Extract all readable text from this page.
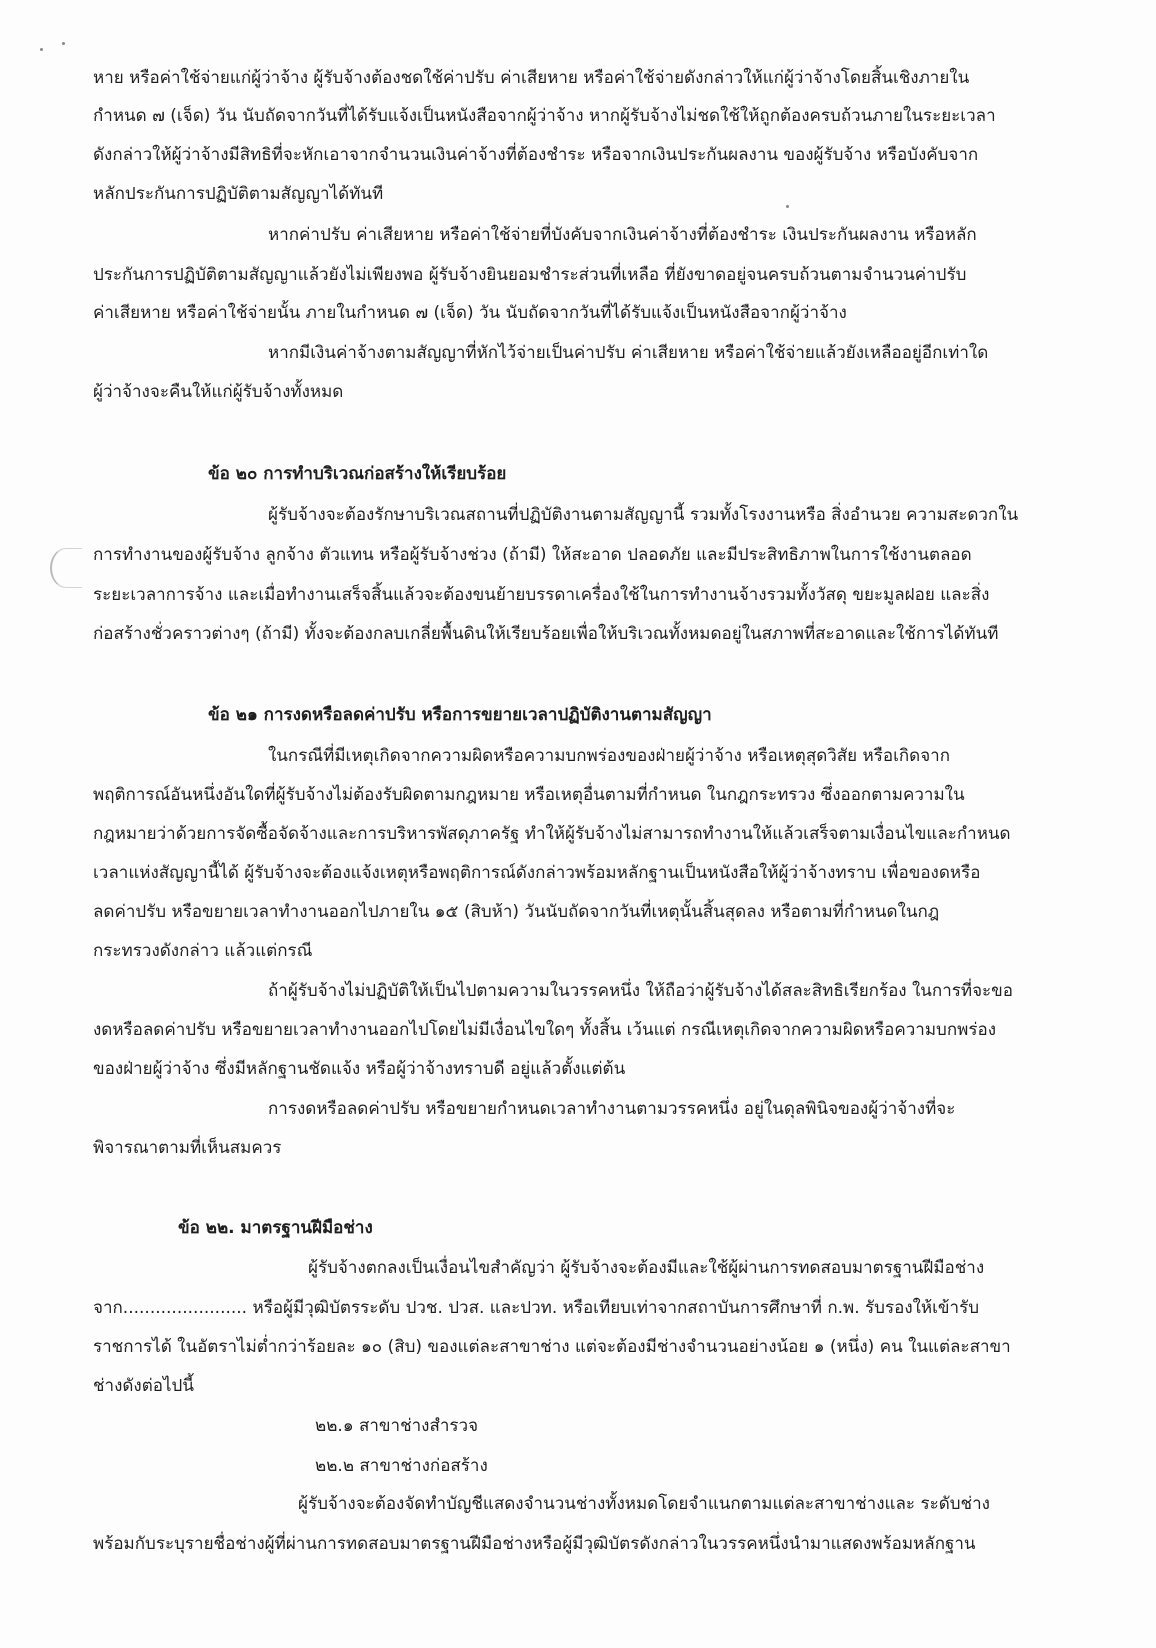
หาย หรือค่าใช้จ่ายแก่ผู้ว่าจ้าง ผู้รับจ้างต้องชดใช้ค่าปรับ ค่าเสียหาย หรือค่าใช้จ่ายดังกล่าวให้แก่ผู้ว่าจ้างโดยสิ้นเชิงภายใน
กำหนด ๗ (เจ็ด) วัน นับถัดจากวันที่ได้รับแจ้งเป็นหนังสือจากผู้ว่าจ้าง หากผู้รับจ้างไม่ชดใช้ให้ถูกต้องครบถ้วนภายในระยะเวลา
ดังกล่าวให้ผู้ว่าจ้างมีสิทธิที่จะหักเอาจากจำนวนเงินค่าจ้างที่ต้องชำระ หรือจากเงินประกันผลงาน ของผู้รับจ้าง หรือบังคับจาก
หลักประกันการปฏิบัติตามสัญญาได้ทันที
หากค่าปรับ ค่าเสียหาย หรือค่าใช้จ่ายที่บังคับจากเงินค่าจ้างที่ต้องชำระ เงินประกันผลงาน หรือหลัก
ประกันการปฏิบัติตามสัญญาแล้วยังไม่เพียงพอ ผู้รับจ้างยินยอมชำระส่วนที่เหลือ ที่ยังขาดอยู่จนครบถ้วนตามจำนวนค่าปรับ
ค่าเสียหาย หรือค่าใช้จ่ายนั้น ภายในกำหนด ๗ (เจ็ด) วัน นับถัดจากวันที่ได้รับแจ้งเป็นหนังสือจากผู้ว่าจ้าง
หากมีเงินค่าจ้างตามสัญญาที่หักไว้จ่ายเป็นค่าปรับ ค่าเสียหาย หรือค่าใช้จ่ายแล้วยังเหลืออยู่อีกเท่าใด
ผู้ว่าจ้างจะคืนให้แก่ผู้รับจ้างทั้งหมด
ข้อ ๒๐ การทำบริเวณก่อสร้างให้เรียบร้อย
ผู้รับจ้างจะต้องรักษาบริเวณสถานที่ปฏิบัติงานตามสัญญานี้ รวมทั้งโรงงานหรือ สิ่งอำนวย ความสะดวกใน
การทำงานของผู้รับจ้าง ลูกจ้าง ตัวแทน หรือผู้รับจ้างช่วง (ถ้ามี) ให้สะอาด ปลอดภัย และมีประสิทธิภาพในการใช้งานตลอด
ระยะเวลาการจ้าง และเมื่อทำงานเสร็จสิ้นแล้วจะต้องขนย้ายบรรดาเครื่องใช้ในการทำงานจ้างรวมทั้งวัสดุ ขยะมูลฝอย และสิ่ง
ก่อสร้างชั่วคราวต่างๆ (ถ้ามี) ทั้งจะต้องกลบเกลี่ยพื้นดินให้เรียบร้อยเพื่อให้บริเวณทั้งหมดอยู่ในสภาพที่สะอาดและใช้การได้ทันที
ข้อ ๒๑ การงดหรือลดค่าปรับ หรือการขยายเวลาปฏิบัติงานตามสัญญา
ในกรณีที่มีเหตุเกิดจากความผิดหรือความบกพร่องของฝ่ายผู้ว่าจ้าง หรือเหตุสุดวิสัย หรือเกิดจาก
พฤติการณ์อันหนึ่งอันใดที่ผู้รับจ้างไม่ต้องรับผิดตามกฎหมาย หรือเหตุอื่นตามที่กำหนด ในกฎกระทรวง ซึ่งออกตามความใน
กฎหมายว่าด้วยการจัดซื้อจัดจ้างและการบริหารพัสดุภาครัฐ ทำให้ผู้รับจ้างไม่สามารถทำงานให้แล้วเสร็จตามเงื่อนไขและกำหนด
เวลาแห่งสัญญานี้ได้ ผู้รับจ้างจะต้องแจ้งเหตุหรือพฤติการณ์ดังกล่าวพร้อมหลักฐานเป็นหนังสือให้ผู้ว่าจ้างทราบ เพื่อของดหรือ
ลดค่าปรับ หรือขยายเวลาทำงานออกไปภายใน ๑๕ (สิบห้า) วันนับถัดจากวันที่เหตุนั้นสิ้นสุดลง หรือตามที่กำหนดในกฎ
กระทรวงดังกล่าว แล้วแต่กรณี
ถ้าผู้รับจ้างไม่ปฏิบัติให้เป็นไปตามความในวรรคหนึ่ง ให้ถือว่าผู้รับจ้างได้สละสิทธิเรียกร้อง ในการที่จะขอ
งดหรือลดค่าปรับ หรือขยายเวลาทำงานออกไปโดยไม่มีเงื่อนไขใดๆ ทั้งสิ้น เว้นแต่ กรณีเหตุเกิดจากความผิดหรือความบกพร่อง
ของฝ่ายผู้ว่าจ้าง ซึ่งมีหลักฐานชัดแจ้ง หรือผู้ว่าจ้างทราบดี อยู่แล้วตั้งแต่ต้น
การงดหรือลดค่าปรับ หรือขยายกำหนดเวลาทำงานตามวรรคหนึ่ง อยู่ในดุลพินิจของผู้ว่าจ้างที่จะ
พิจารณาตามที่เห็นสมควร
ข้อ ๒๒. มาตรฐานฝีมือช่าง
ผู้รับจ้างตกลงเป็นเงื่อนไขสำคัญว่า ผู้รับจ้างจะต้องมีและใช้ผู้ผ่านการทดสอบมาตรฐานฝีมือช่าง
จาก....................... หรือผู้มีวุฒิบัตรระดับ ปวช. ปวส. และปวท. หรือเทียบเท่าจากสถาบันการศึกษาที่ ก.พ. รับรองให้เข้ารับ
ราชการได้ ในอัตราไม่ต่ำกว่าร้อยละ ๑๐ (สิบ) ของแต่ละสาขาช่าง แต่จะต้องมีช่างจำนวนอย่างน้อย ๑ (หนึ่ง) คน ในแต่ละสาขา
ช่างดังต่อไปนี้
๒๒.๑ สาขาช่างสำรวจ
๒๒.๒ สาขาช่างก่อสร้าง
ผู้รับจ้างจะต้องจัดทำบัญชีแสดงจำนวนช่างทั้งหมดโดยจำแนกตามแต่ละสาขาช่างและ ระดับช่าง
พร้อมกับระบุรายชื่อช่างผู้ที่ผ่านการทดสอบมาตรฐานฝีมือช่างหรือผู้มีวุฒิบัตรดังกล่าวในวรรคหนึ่งนำมาแสดงพร้อมหลักฐาน
